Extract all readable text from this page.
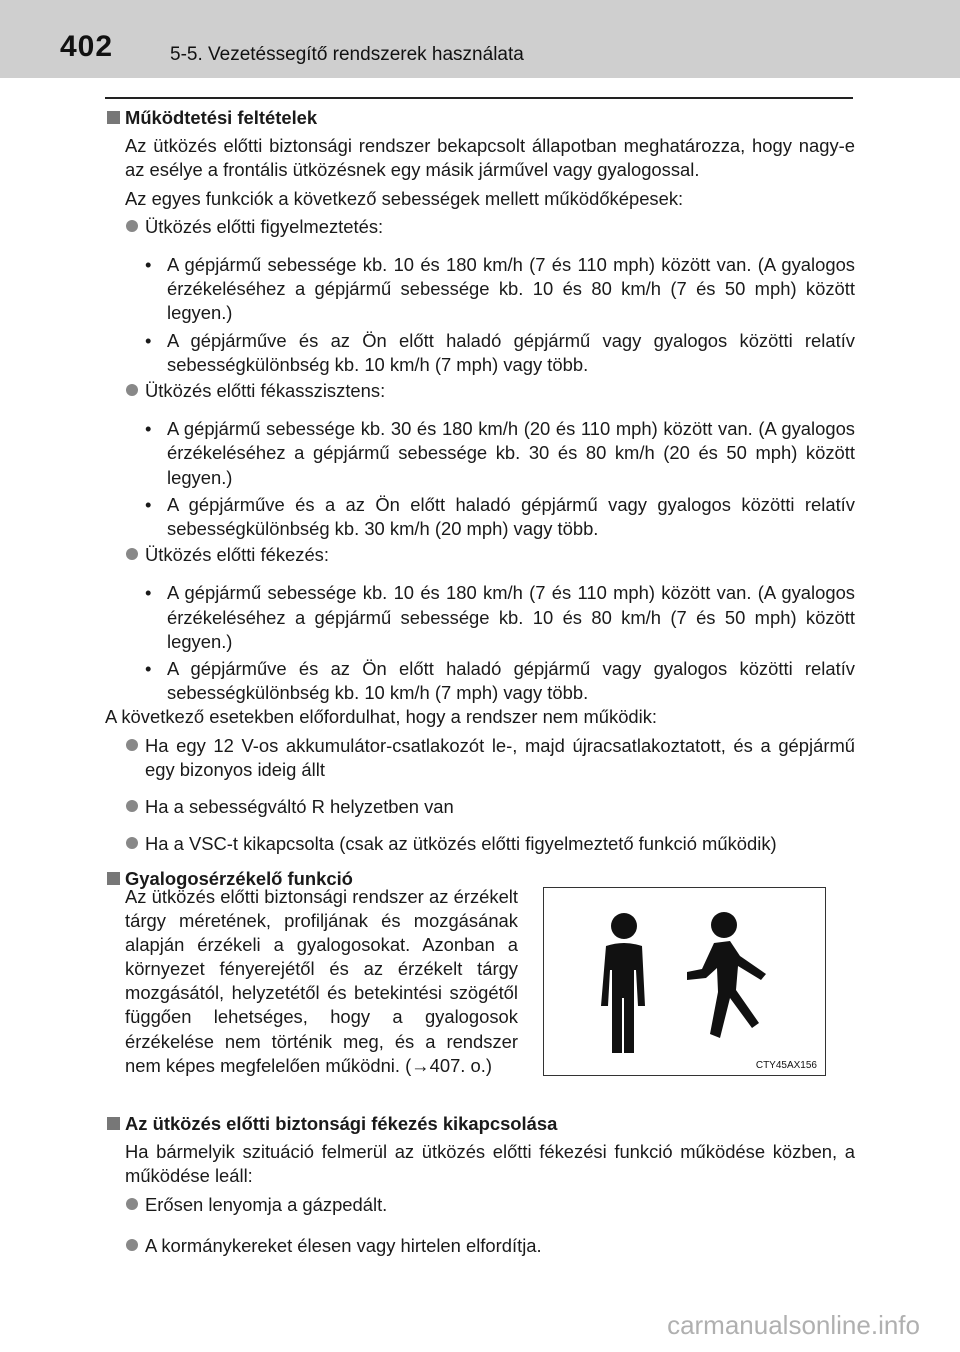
402	5-5. Vezetéssegítő rendszerek használata
Működtetési feltételek
Az ütközés előtti biztonsági rendszer bekapcsolt állapotban meghatározza, hogy nagy-e az esélye a frontális ütközésnek egy másik járművel vagy gyalogossal.
Az egyes funkciók a következő sebességek mellett működőképesek:
Ütközés előtti figyelmeztetés:
• A gépjármű sebessége kb. 10 és 180 km/h (7 és 110 mph) között van. (A gyalogos érzékeléséhez a gépjármű sebessége kb. 10 és 80 km/h (7 és 50 mph) között legyen.)
• A gépjárműve és az Ön előtt haladó gépjármű vagy gyalogos közötti relatív sebességkülönbség kb. 10 km/h (7 mph) vagy több.
Ütközés előtti fékasszisztens:
• A gépjármű sebessége kb. 30 és 180 km/h (20 és 110 mph) között van. (A gyalogos érzékeléséhez a gépjármű sebessége kb. 30 és 80 km/h (20 és 50 mph) között legyen.)
• A gépjárműve és a az Ön előtt haladó gépjármű vagy gyalogos közötti relatív sebességkülönbség kb. 30 km/h (20 mph) vagy több.
Ütközés előtti fékezés:
• A gépjármű sebessége kb. 10 és 180 km/h (7 és 110 mph) között van. (A gyalogos érzékeléséhez a gépjármű sebessége kb. 10 és 80 km/h (7 és 50 mph) között legyen.)
• A gépjárműve és az Ön előtt haladó gépjármű vagy gyalogos közötti relatív sebességkülönbség kb. 10 km/h (7 mph) vagy több.
A következő esetekben előfordulhat, hogy a rendszer nem működik:
Ha egy 12 V-os akkumulátor-csatlakozót le-, majd újracsatlakoztatott, és a gépjármű egy bizonyos ideig állt
Ha a sebességváltó R helyzetben van
Ha a VSC-t kikapcsolta (csak az ütközés előtti figyelmeztető funkció működik)
Gyalogosérzékelő funkció
Az ütközés előtti biztonsági rendszer az érzékelt tárgy méretének, profiljának és mozgásának alapján érzékeli a gyalogosokat. Azonban a környezet fényerejétől és az érzékelt tárgy mozgásától, helyzetétől és betekintési szögétől függően lehetséges, hogy a gyalogosok érzékelése nem történik meg, és a rendszer nem képes megfelelően működni. (→407. o.)	CTY45AX156
Az ütközés előtti biztonsági fékezés kikapcsolása
Ha bármelyik szituáció felmerül az ütközés előtti fékezési funkció működése közben, a működése leáll:
Erősen lenyomja a gázpedált.
A kormánykereket élesen vagy hirtelen elfordítja.
carmanualsonline.info
